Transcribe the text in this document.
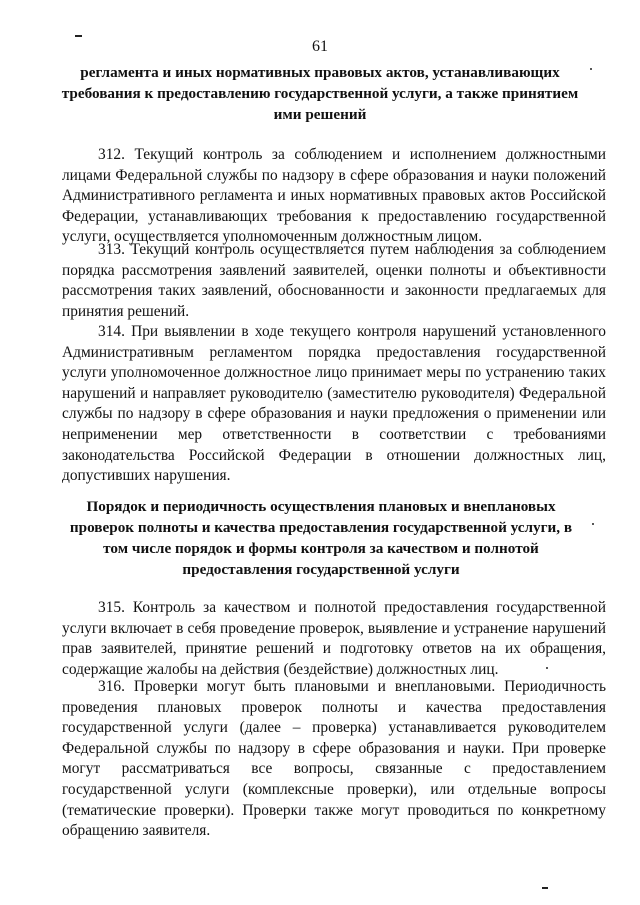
61
регламента и иных нормативных правовых актов, устанавливающих требования к предоставлению государственной услуги, а также принятием ими решений

312. Текущий контроль за соблюдением и исполнением должностными лицами Федеральной службы по надзору в сфере образования и науки положений Административного регламента и иных нормативных правовых актов Российской Федерации, устанавливающих требования к предоставлению государственной услуги, осуществляется уполномоченным должностным лицом.

313. Текущий контроль осуществляется путем наблюдения за соблюдением порядка рассмотрения заявлений заявителей, оценки полноты и объективности рассмотрения таких заявлений, обоснованности и законности предлагаемых для принятия решений.

314. При выявлении в ходе текущего контроля нарушений установленного Административным регламентом порядка предоставления государственной услуги уполномоченное должностное лицо принимает меры по устранению таких нарушений и направляет руководителю (заместителю руководителя) Федеральной службы по надзору в сфере образования и науки предложения о применении или неприменении мер ответственности в соответствии с требованиями законодательства Российской Федерации в отношении должностных лиц, допустивших нарушения.

Порядок и периодичность осуществления плановых и внеплановых проверок полноты и качества предоставления государственной услуги, в том числе порядок и формы контроля за качеством и полнотой предоставления государственной услуги

315. Контроль за качеством и полнотой предоставления государственной услуги включает в себя проведение проверок, выявление и устранение нарушений прав заявителей, принятие решений и подготовку ответов на их обращения, содержащие жалобы на действия (бездействие) должностных лиц.

316. Проверки могут быть плановыми и внеплановыми. Периодичность проведения плановых проверок полноты и качества предоставления государственной услуги (далее – проверка) устанавливается руководителем Федеральной службы по надзору в сфере образования и науки. При проверке могут рассматриваться все вопросы, связанные с предоставлением государственной услуги (комплексные проверки), или отдельные вопросы (тематические проверки). Проверки также могут проводиться по конкретному обращению заявителя.
